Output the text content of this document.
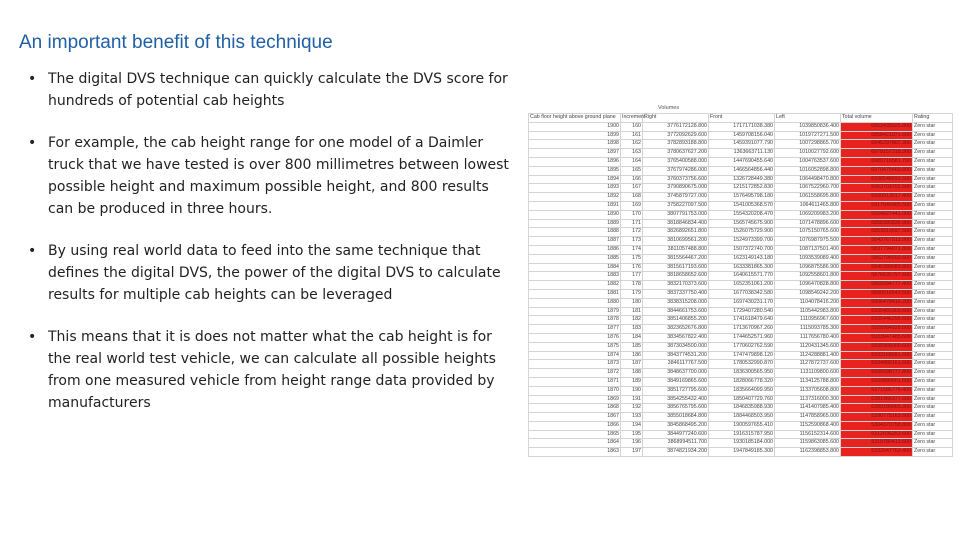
An important benefit of this technique
• The digital DVS technique can quickly calculate the DVS score for hundreds of potential cab heights
• For example, the cab height range for one model of a Daimler truck that we have tested is over 800 millimetres between lowest possible height and maximum possible height, and 800 results can be produced in three hours.
• By using real world data to feed into the same technique that defines the digital DVS, the power of the digital DVS to calculate results for multiple cab heights can be leveraged
• This means that it is does not matter what the cab height is for the real world test vehicle, we can calculate all possible heights from one measured vehicle from height range data provided by manufacturers
Volumes
Cab floor height above ground plane	Increment	Right	Front	Left	Total volume	Rating
1900	160	3776172128.800	1717171038.380	1039850836.400	6852435925.800	Zero star
1899	161	3772092629.600	1459708156.040	1019727271.500	6858421071.600	Zero star
1898	162	3782893188.800	1459391077.790	1007298865.700	6946297807.300	Zero star
1897	163	3780637627.200	1363663711.130	1010027792.600	6979157318.300	Zero star
1896	164	3765400588.000	1447690455.640	1004763537.600	6980716581.700	Zero star
1895	165	3767974286.000	1466564856.440	1016052898.800	6970475469.800	Zero star
1894	166	3760373756.600	1326728449.380	1064498470.800	6938548693.500	Zero star
1893	167	3790890675.000	1215172852.830	1067522960.700	5963703702.500	Zero star
1892	168	3745879727.000	1576495798.180	1061558695.800	5930913017.400	Zero star
1891	169	3758227097.500	1541005368.570	1064611465.800	5917640905.500	Zero star
1890	170	3807791753.000	1554320208.470	1069209983.200	5924927441.000	Zero star
1889	171	3818846834.400	1565745675.900	1071478896.600	5858380836.900	Zero star
1888	172	3826892651.800	1526075729.900	1075150765.600	5853919697.500	Zero star
1887	173	3810699561.200	1524973399.700	1076987975.500	5843767913.900	Zero star
1886	174	3811057488.800	1507372740.700	1087137501.400	5837794071.800	Zero star
1885	175	3815564467.200	1623149143.180	1093539089.400	5862796693.600	Zero star
1884	176	3815617193.600	1633381865.300	1096875586.900	5846389083.800	Zero star
1883	177	3818658652.600	1640615571.770	1092558601.800	5876635797.600	Zero star
1882	178	3832170373.600	1652351061.200	1096470828.800	5866584777.400	Zero star
1881	179	3837337750.400	1677038342.580	1098549242.200	5890016543.500	Zero star
1880	180	3838315208.000	1697430231.170	1104078416.200	5906478416.200	Zero star
1879	181	3844661753.600	1729407280.540	1105442983.800	5930455303.600	Zero star
1878	182	3851406855.200	1741618479.640	1110956967.600	5935446295.600	Zero star
1877	183	3823652676.800	1713670967.260	1115093785.300	5928984928.600	Zero star
1876	184	3834567822.400	1744652571.960	1117656780.400	5933947485.600	Zero star
1875	185	3873034500.000	1770602762.590	1120431345.600	5935966000.600	Zero star
1874	186	3843774531.200	1747479898.120	1124288881.400	5933168691.600	Zero star
1873	187	3846117767.500	1780532990.870	1127872737.600	5934888161.600	Zero star
1872	188	3848637700.000	1836300565.950	1131109800.600	5936098777.800	Zero star
1871	189	3849169865.600	1828066778.320	1134125788.800	5939889001.600	Zero star
1870	190	3851727795.600	1835664099.950	1133705608.800	5371585776.400	Zero star
1869	191	3854255432.400	1850407729.760	1137316000.300	5381966377.600	Zero star
1868	192	3856765795.600	1846835988.930	1141407985.400	5389180065.300	Zero star
1867	193	3855018684.800	1884468503.950	1147858965.000	5390775163.600	Zero star
1866	194	3845868495.200	1900597655.410	1152590868.400	5304370758.800	Zero star
1865	195	3844977240.600	1916315787.950	1156152314.600	5312036253.600	Zero star
1864	196	3868994511.700	1930185184.000	1159863085.600	5319780413.600	Zero star
1863	197	3874821934.200	1947849185.300	1162398853.800	5332047763.400	Zero star
